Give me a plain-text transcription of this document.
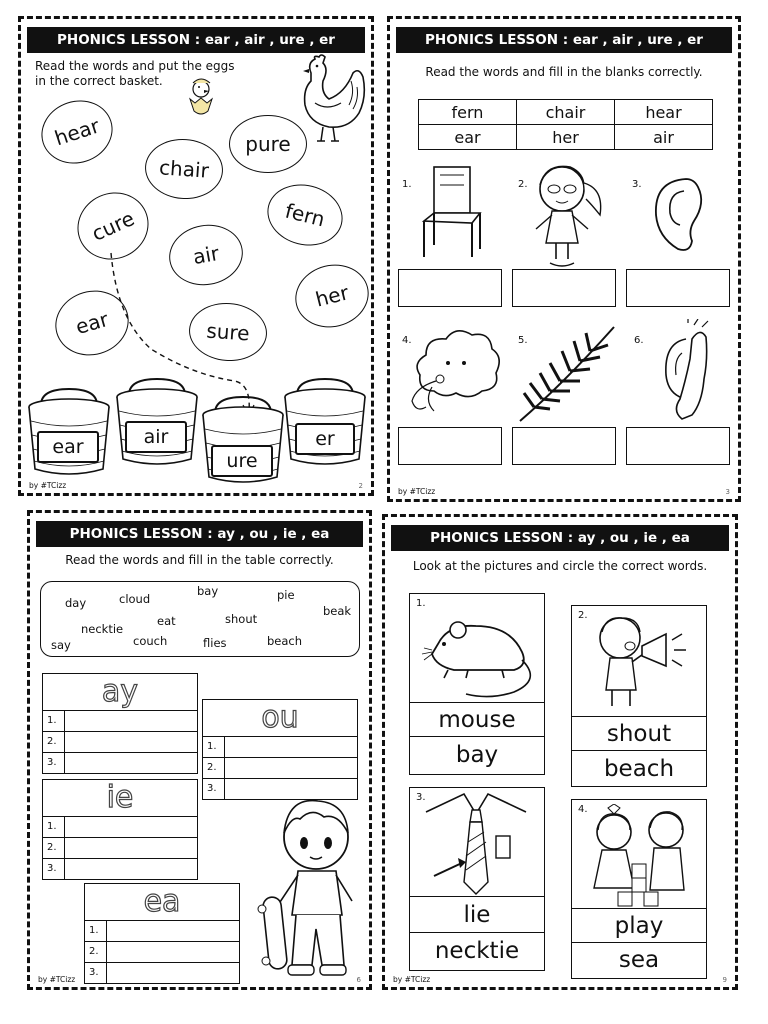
PHONICS LESSON : ear , air , ure , er
Read the words and put the eggs
in the correct basket.
hear	pure
chair
cure	fern
air
her
ear	sure
ear	air
ure
er
by #TCizz	2
PHONICS LESSON : ear , air , ure , er
Read the words and fill in the blanks correctly.
fern	chair	hear
ear	her	air
1.	2.	3.
4.	5.	6.
by #TCizz	3
PHONICS LESSON : ay , ou , ie , ea
Read the words and fill in the table correctly.
day	cloud
bay	pie
beak
eat	shout
necktie
say	couch	flies	beach
ay
1.
2.
3.
ou
1.
2.
3.
ie
1.
2.
3.
ea
1.
2.
3.
by #TCizz	6
PHONICS LESSON : ay , ou , ie , ea
Look at the pictures and circle the correct words.
1.
mouse
bay
2.
shout
beach
3.
lie
necktie
4.
play
sea
by #TCizz	9
